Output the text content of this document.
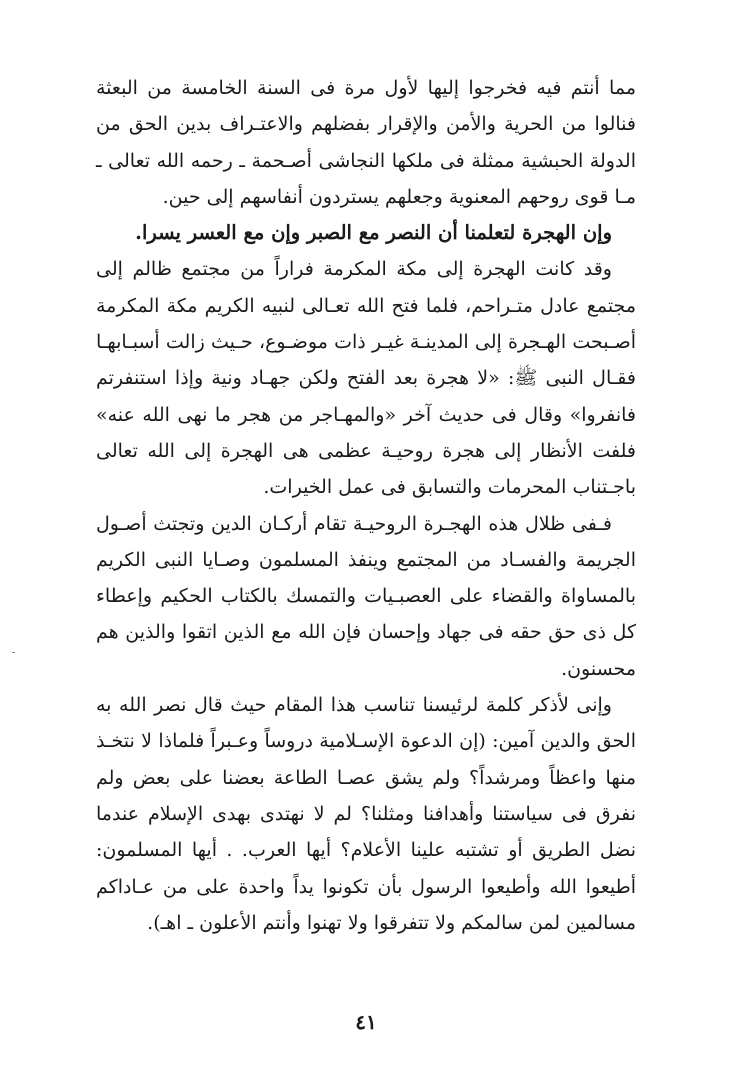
مما أنتم فيه فخرجوا إليها لأول مرة فى السنة الخامسة من البعثة فنالوا من الحرية والأمن والإقرار بفضلهم والاعتـراف بدين الحق من الدولة الحبشية ممثلة فى ملكها النجاشى أصـحمة ـ رحمه الله تعالى ـ مـا قوى روحهم المعنوية وجعلهم يستردون أنفاسهم إلى حين.

وإن الهجرة لتعلمنا أن النصر مع الصبر وإن مع العسر يسرا.

وقد كانت الهجرة إلى مكة المكرمة فراراً من مجتمع ظالم إلى مجتمع عادل متـراحم، فلما فتح الله تعـالى لنبيه الكريم مكة المكرمة أصـبحت الهـجرة إلى المدينـة غيـر ذات موضـوع، حـيث زالت أسبـابهـا فقـال النبى ﷺ: «لا هجرة بعد الفتح ولكن جهـاد ونية وإذا استنفرتم فانفروا» وقال فى حديث آخر «والمهـاجر من هجر ما نهى الله عنه» فلفت الأنظار إلى هجرة روحيـة عظمى هى الهجرة إلى الله تعالى باجـتناب المحرمات والتسابق فى عمل الخيرات.

فـفى ظلال هذه الهجـرة الروحيـة تقام أركـان الدين وتجتث أصـول الجريمة والفسـاد من المجتمع وينفذ المسلمون وصـايا النبى الكريم بالمساواة والقضاء على العصبـيات والتمسك بالكتاب الحكيم وإعطاء كل ذى حق حقه فى جهاد وإحسان فإن الله مع الذين اتقوا والذين هم محسنون.

وإنى لأذكر كلمة لرئيسنا تناسب هذا المقام حيث قال نصر الله به الحق والدين آمين: (إن الدعوة الإسـلامية دروساً وعـبراً فلماذا لا نتخـذ منها واعظاً ومرشداً؟ ولم يشق عصـا الطاعة بعضنا على بعض ولم نفرق فى سياستنا وأهدافنا ومثلنا؟ لم لا نهتدى بهدى الإسلام عندما نضل الطريق أو تشتبه علينا الأعلام؟ أيها العرب. . أيها المسلمون: أطيعوا الله وأطيعوا الرسول بأن تكونوا يداً واحدة على من عـاداكم مسالمين لمن سالمكم ولا تتفرقوا ولا تهنوا وأنتم الأعلون ـ اهـ).

٤١
